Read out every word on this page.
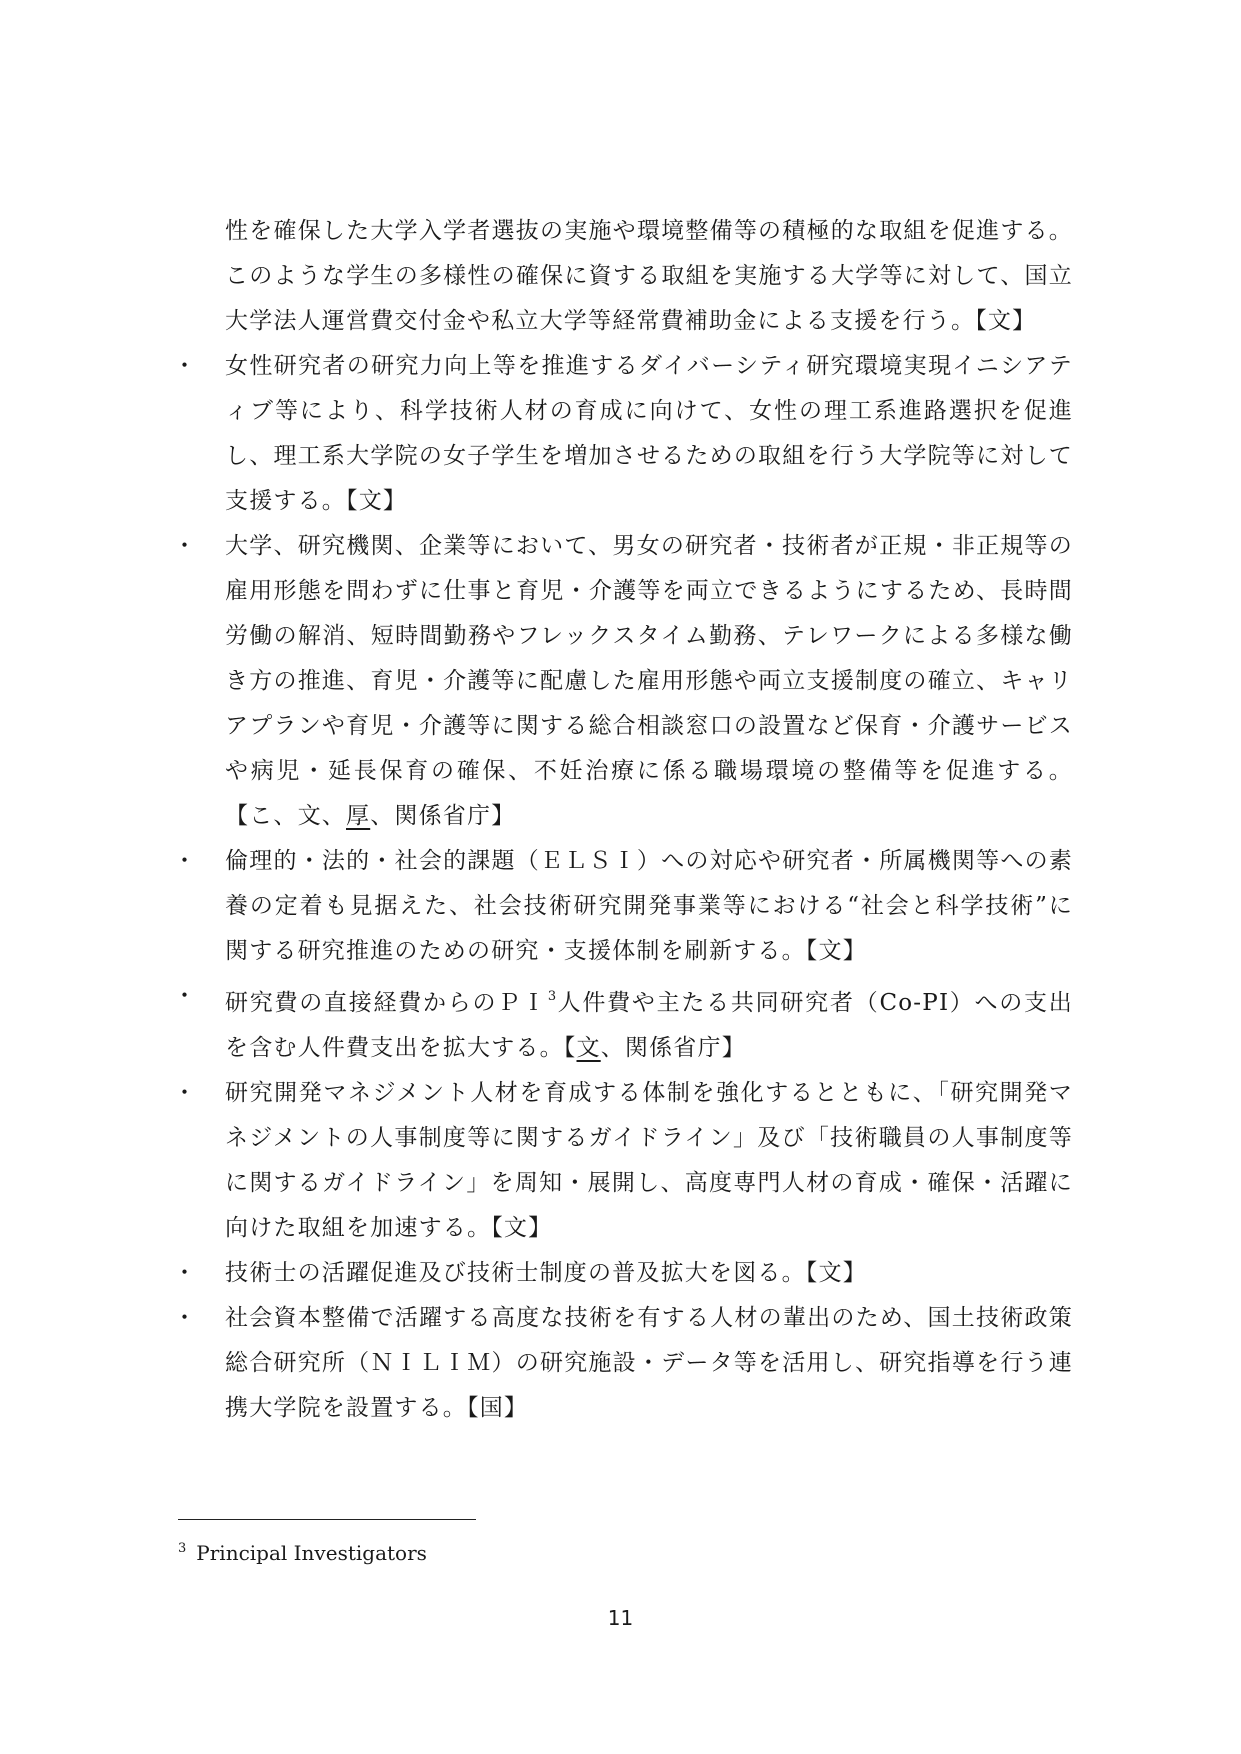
性を確保した大学入学者選抜の実施や環境整備等の積極的な取組を促進する。このような学生の多様性の確保に資する取組を実施する大学等に対して、国立大学法人運営費交付金や私立大学等経常費補助金による支援を行う。【文】
・ 女性研究者の研究力向上等を推進するダイバーシティ研究環境実現イニシアティブ等により、科学技術人材の育成に向けて、女性の理工系進路選択を促進し、理工系大学院の女子学生を増加させるための取組を行う大学院等に対して支援する。【文】
・ 大学、研究機関、企業等において、男女の研究者・技術者が正規・非正規等の雇用形態を問わずに仕事と育児・介護等を両立できるようにするため、長時間労働の解消、短時間勤務やフレックスタイム勤務、テレワークによる多様な働き方の推進、育児・介護等に配慮した雇用形態や両立支援制度の確立、キャリアプランや育児・介護等に関する総合相談窓口の設置など保育・介護サービスや病児・延長保育の確保、不妊治療に係る職場環境の整備等を促進する。【こ、文、厚、関係省庁】
・ 倫理的・法的・社会的課題（ＥＬＳＩ）への対応や研究者・所属機関等への素養の定着も見据えた、社会技術研究開発事業等における“社会と科学技術”に関する研究推進のための研究・支援体制を刷新する。【文】
・ 研究費の直接経費からのＰＩ$^3$人件費や主たる共同研究者（Co-PI）への支出を含む人件費支出を拡大する。【文、関係省庁】
・ 研究開発マネジメント人材を育成する体制を強化するとともに、「研究開発マネジメントの人事制度等に関するガイドライン」及び「技術職員の人事制度等に関するガイドライン」を周知・展開し、高度専門人材の育成・確保・活躍に向けた取組を加速する。【文】
・ 技術士の活躍促進及び技術士制度の普及拡大を図る。【文】
・ 社会資本整備で活躍する高度な技術を有する人材の輩出のため、国土技術政策総合研究所（ＮＩＬＩＭ）の研究施設・データ等を活用し、研究指導を行う連携大学院を設置する。【国】
$^3$ Principal Investigators
11
